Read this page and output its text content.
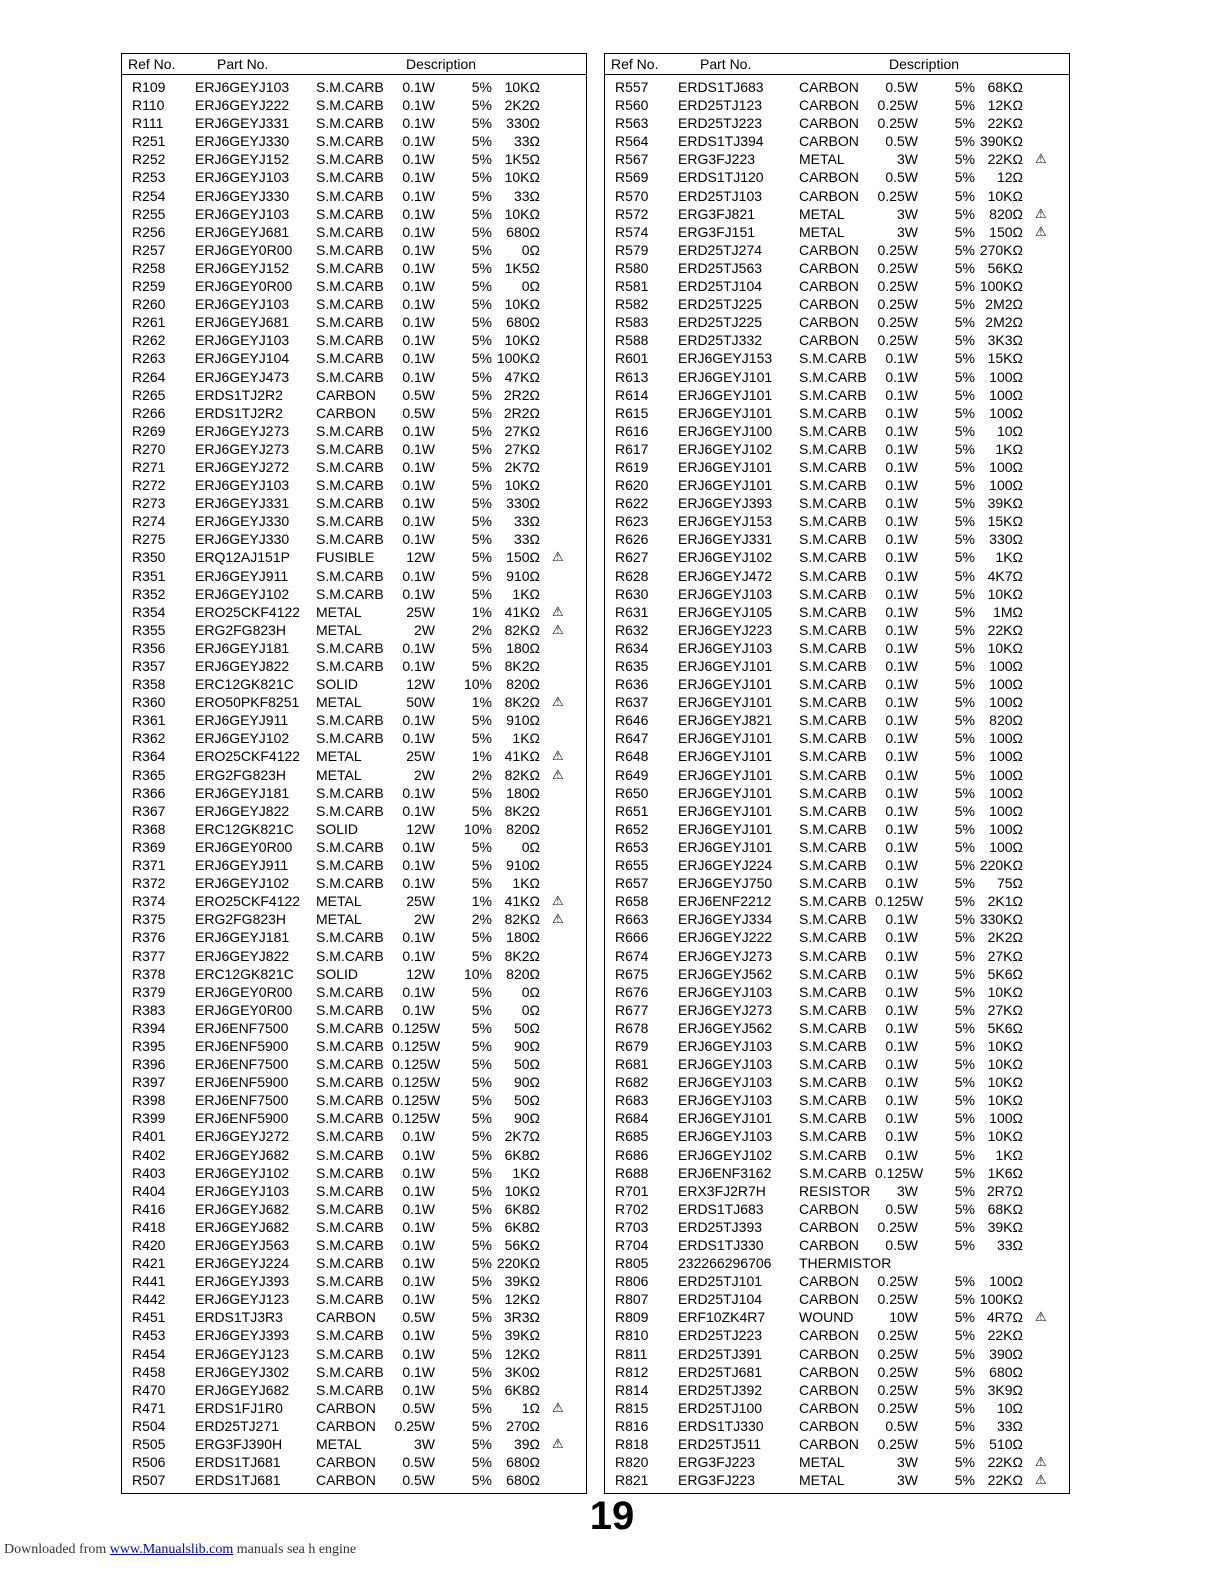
Ref No.	Part No.	Description
R109 ERJ6GEYJ103 S.M.CARB	0.1W	5% 10KΩ
R110 ERJ6GEYJ222 S.M.CARB	0.1W	5% 2K2Ω
R111 ERJ6GEYJ331 S.M.CARB	0.1W	5%	330Ω
R251 ERJ6GEYJ330 S.M.CARB	0.1W	5%	33Ω
R252 ERJ6GEYJ152 S.M.CARB	0.1W	5% 1K5Ω
R253 ERJ6GEYJ103 S.M.CARB	0.1W	5% 10KΩ
R254 ERJ6GEYJ330 S.M.CARB	0.1W	5%	33Ω
R255 ERJ6GEYJ103 S.M.CARB	0.1W	5% 10KΩ
R256 ERJ6GEYJ681 S.M.CARB	0.1W	5%	680Ω
R257 ERJ6GEY0R00 S.M.CARB	0.1W	5%	0Ω
R258 ERJ6GEYJ152 S.M.CARB	0.1W	5% 1K5Ω
R259 ERJ6GEY0R00 S.M.CARB	0.1W	5%	0Ω
R260 ERJ6GEYJ103 S.M.CARB	0.1W	5% 10KΩ
R261 ERJ6GEYJ681 S.M.CARB	0.1W	5%	680Ω
R262 ERJ6GEYJ103 S.M.CARB	0.1W	5% 10KΩ
R263 ERJ6GEYJ104 S.M.CARB	0.1W	5% 100KΩ
R264 ERJ6GEYJ473 S.M.CARB	0.1W	5% 47KΩ
R265 ERDS1TJ2R2 CARBON	0.5W	5% 2R2Ω
R266 ERDS1TJ2R2 CARBON	0.5W	5% 2R2Ω
R269 ERJ6GEYJ273 S.M.CARB	0.1W	5% 27KΩ
R270 ERJ6GEYJ273 S.M.CARB	0.1W	5% 27KΩ
R271 ERJ6GEYJ272 S.M.CARB	0.1W	5% 2K7Ω
R272 ERJ6GEYJ103 S.M.CARB	0.1W	5% 10KΩ
R273 ERJ6GEYJ331 S.M.CARB	0.1W	5%	330Ω
R274 ERJ6GEYJ330 S.M.CARB	0.1W	5%	33Ω
R275 ERJ6GEYJ330 S.M.CARB	0.1W	5%	33Ω
R350 ERQ12AJ151P FUSIBLE	12W	5%	150Ω ⚠
R351 ERJ6GEYJ911 S.M.CARB	0.1W	5%	910Ω
R352 ERJ6GEYJ102 S.M.CARB	0.1W	5%	1KΩ
R354 ERO25CKF4122 METAL	25W	1% 41KΩ ⚠
R355 ERG2FG823H METAL	2W	2% 82KΩ ⚠
R356 ERJ6GEYJ181 S.M.CARB	0.1W	5%	180Ω
R357 ERJ6GEYJ822 S.M.CARB	0.1W	5% 8K2Ω
R358 ERC12GK821C SOLID	12W 10%	820Ω
R360 ERO50PKF8251 METAL	50W	1% 8K2Ω ⚠
R361 ERJ6GEYJ911 S.M.CARB	0.1W	5%	910Ω
R362 ERJ6GEYJ102 S.M.CARB	0.1W	5%	1KΩ
R364 ERO25CKF4122 METAL	25W	1% 41KΩ ⚠
R365 ERG2FG823H METAL	2W	2% 82KΩ ⚠
R366 ERJ6GEYJ181 S.M.CARB	0.1W	5%	180Ω
R367 ERJ6GEYJ822 S.M.CARB	0.1W	5% 8K2Ω
R368 ERC12GK821C SOLID	12W 10%	820Ω
R369 ERJ6GEY0R00 S.M.CARB	0.1W	5%	0Ω
R371 ERJ6GEYJ911 S.M.CARB	0.1W	5%	910Ω
R372 ERJ6GEYJ102 S.M.CARB	0.1W	5%	1KΩ
R374 ERO25CKF4122 METAL	25W	1% 41KΩ ⚠
R375 ERG2FG823H METAL	2W	2% 82KΩ ⚠
R376 ERJ6GEYJ181 S.M.CARB	0.1W	5%	180Ω
R377 ERJ6GEYJ822 S.M.CARB	0.1W	5% 8K2Ω
R378 ERC12GK821C SOLID	12W 10%	820Ω
R379 ERJ6GEY0R00 S.M.CARB	0.1W	5%	0Ω
R383 ERJ6GEY0R00 S.M.CARB	0.1W	5%	0Ω
R394 ERJ6ENF7500 S.M.CARB 0.125W	5%	50Ω
R395 ERJ6ENF5900 S.M.CARB 0.125W	5%	90Ω
R396 ERJ6ENF7500 S.M.CARB 0.125W	5%	50Ω
R397 ERJ6ENF5900 S.M.CARB 0.125W	5%	90Ω
R398 ERJ6ENF7500 S.M.CARB 0.125W	5%	50Ω
R399 ERJ6ENF5900 S.M.CARB 0.125W	5%	90Ω
R401 ERJ6GEYJ272 S.M.CARB	0.1W	5% 2K7Ω
R402 ERJ6GEYJ682 S.M.CARB	0.1W	5% 6K8Ω
R403 ERJ6GEYJ102 S.M.CARB	0.1W	5%	1KΩ
R404 ERJ6GEYJ103 S.M.CARB	0.1W	5% 10KΩ
R416 ERJ6GEYJ682 S.M.CARB	0.1W	5% 6K8Ω
R418 ERJ6GEYJ682 S.M.CARB	0.1W	5% 6K8Ω
R420 ERJ6GEYJ563 S.M.CARB	0.1W	5% 56KΩ
R421 ERJ6GEYJ224 S.M.CARB	0.1W	5% 220KΩ
R441 ERJ6GEYJ393 S.M.CARB	0.1W	5% 39KΩ
R442 ERJ6GEYJ123 S.M.CARB	0.1W	5% 12KΩ
R451 ERDS1TJ3R3 CARBON	0.5W	5% 3R3Ω
R453 ERJ6GEYJ393 S.M.CARB	0.1W	5% 39KΩ
R454 ERJ6GEYJ123 S.M.CARB	0.1W	5% 12KΩ
R458 ERJ6GEYJ302 S.M.CARB	0.1W	5% 3K0Ω
R470 ERJ6GEYJ682 S.M.CARB	0.1W	5% 6K8Ω
R471 ERDS1FJ1R0 CARBON	0.5W	5%	1Ω ⚠
R504 ERD25TJ271	CARBON 0.25W	5%	270Ω
R505 ERG3FJ390H METAL	3W	5%	39Ω ⚠
R506 ERDS1TJ681	CARBON	0.5W	5%	680Ω
R507 ERDS1TJ681	CARBON	0.5W	5%	680Ω
Ref No.	Part No.	Description
R557 ERDS1TJ683	CARBON	0.5W	5% 68KΩ
R560 ERD25TJ123	CARBON 0.25W	5% 12KΩ
R563 ERD25TJ223	CARBON 0.25W	5% 22KΩ
R564 ERDS1TJ394	CARBON	0.5W	5% 390KΩ
R567 ERG3FJ223	METAL	3W	5% 22KΩ ⚠
R569 ERDS1TJ120	CARBON	0.5W	5%	12Ω
R570 ERD25TJ103	CARBON 0.25W	5% 10KΩ
R572 ERG3FJ821	METAL	3W	5%	820Ω ⚠
R574 ERG3FJ151	METAL	3W	5%	150Ω ⚠
R579 ERD25TJ274	CARBON 0.25W	5% 270KΩ
R580 ERD25TJ563	CARBON 0.25W	5% 56KΩ
R581 ERD25TJ104	CARBON 0.25W	5% 100KΩ
R582 ERD25TJ225	CARBON 0.25W	5% 2M2Ω
R583 ERD25TJ225	CARBON 0.25W	5% 2M2Ω
R588 ERD25TJ332	CARBON 0.25W	5% 3K3Ω
R601 ERJ6GEYJ153 S.M.CARB	0.1W	5% 15KΩ
R613 ERJ6GEYJ101 S.M.CARB	0.1W	5%	100Ω
R614 ERJ6GEYJ101 S.M.CARB	0.1W	5%	100Ω
R615 ERJ6GEYJ101 S.M.CARB	0.1W	5%	100Ω
R616 ERJ6GEYJ100 S.M.CARB	0.1W	5%	10Ω
R617 ERJ6GEYJ102 S.M.CARB	0.1W	5%	1KΩ
R619 ERJ6GEYJ101 S.M.CARB	0.1W	5%	100Ω
R620 ERJ6GEYJ101 S.M.CARB	0.1W	5%	100Ω
R622 ERJ6GEYJ393 S.M.CARB	0.1W	5% 39KΩ
R623 ERJ6GEYJ153 S.M.CARB	0.1W	5% 15KΩ
R626 ERJ6GEYJ331 S.M.CARB	0.1W	5%	330Ω
R627 ERJ6GEYJ102 S.M.CARB	0.1W	5%	1KΩ
R628 ERJ6GEYJ472 S.M.CARB	0.1W	5% 4K7Ω
R630 ERJ6GEYJ103 S.M.CARB	0.1W	5% 10KΩ
R631 ERJ6GEYJ105 S.M.CARB	0.1W	5%	1MΩ
R632 ERJ6GEYJ223 S.M.CARB	0.1W	5% 22KΩ
R634 ERJ6GEYJ103 S.M.CARB	0.1W	5% 10KΩ
R635 ERJ6GEYJ101 S.M.CARB	0.1W	5%	100Ω
R636 ERJ6GEYJ101 S.M.CARB	0.1W	5%	100Ω
R637 ERJ6GEYJ101 S.M.CARB	0.1W	5%	100Ω
R646 ERJ6GEYJ821 S.M.CARB	0.1W	5%	820Ω
R647 ERJ6GEYJ101 S.M.CARB	0.1W	5%	100Ω
R648 ERJ6GEYJ101 S.M.CARB	0.1W	5%	100Ω
R649 ERJ6GEYJ101 S.M.CARB	0.1W	5%	100Ω
R650 ERJ6GEYJ101 S.M.CARB	0.1W	5%	100Ω
R651 ERJ6GEYJ101 S.M.CARB	0.1W	5%	100Ω
R652 ERJ6GEYJ101 S.M.CARB	0.1W	5%	100Ω
R653 ERJ6GEYJ101 S.M.CARB	0.1W	5%	100Ω
R655 ERJ6GEYJ224 S.M.CARB	0.1W	5% 220KΩ
R657 ERJ6GEYJ750 S.M.CARB	0.1W	5%	75Ω
R658 ERJ6ENF2212 S.M.CARB 0.125W	5% 2K1Ω
R663 ERJ6GEYJ334 S.M.CARB	0.1W	5% 330KΩ
R666 ERJ6GEYJ222 S.M.CARB	0.1W	5% 2K2Ω
R674 ERJ6GEYJ273 S.M.CARB	0.1W	5% 27KΩ
R675 ERJ6GEYJ562 S.M.CARB	0.1W	5% 5K6Ω
R676 ERJ6GEYJ103 S.M.CARB	0.1W	5% 10KΩ
R677 ERJ6GEYJ273 S.M.CARB	0.1W	5% 27KΩ
R678 ERJ6GEYJ562 S.M.CARB	0.1W	5% 5K6Ω
R679 ERJ6GEYJ103 S.M.CARB	0.1W	5% 10KΩ
R681 ERJ6GEYJ103 S.M.CARB	0.1W	5% 10KΩ
R682 ERJ6GEYJ103 S.M.CARB	0.1W	5% 10KΩ
R683 ERJ6GEYJ103 S.M.CARB	0.1W	5% 10KΩ
R684 ERJ6GEYJ101 S.M.CARB	0.1W	5%	100Ω
R685 ERJ6GEYJ103 S.M.CARB	0.1W	5% 10KΩ
R686 ERJ6GEYJ102 S.M.CARB	0.1W	5%	1KΩ
R688 ERJ6ENF3162 S.M.CARB 0.125W	5% 1K6Ω
R701 ERX3FJ2R7H RESISTOR	3W	5% 2R7Ω
R702 ERDS1TJ683	CARBON	0.5W	5% 68KΩ
R703 ERD25TJ393	CARBON 0.25W	5% 39KΩ
R704 ERDS1TJ330	CARBON	0.5W	5%	33Ω
R805 232266296706 THERMISTOR
R806 ERD25TJ101	CARBON 0.25W	5%	100Ω
R807 ERD25TJ104	CARBON 0.25W	5% 100KΩ
R809 ERF10ZK4R7 WOUND	10W	5% 4R7Ω ⚠
R810 ERD25TJ223	CARBON 0.25W	5% 22KΩ
R811 ERD25TJ391	CARBON 0.25W	5%	390Ω
R812 ERD25TJ681	CARBON 0.25W	5%	680Ω
R814 ERD25TJ392	CARBON 0.25W	5% 3K9Ω
R815 ERD25TJ100	CARBON 0.25W	5%	10Ω
R816 ERDS1TJ330	CARBON	0.5W	5%	33Ω
R818 ERD25TJ511	CARBON 0.25W	5%	510Ω
R820 ERG3FJ223	METAL	3W	5% 22KΩ ⚠
R821 ERG3FJ223	METAL	3W	5% 22KΩ ⚠
19
Downloaded from www.Manualslib.com manuals sea h engine
